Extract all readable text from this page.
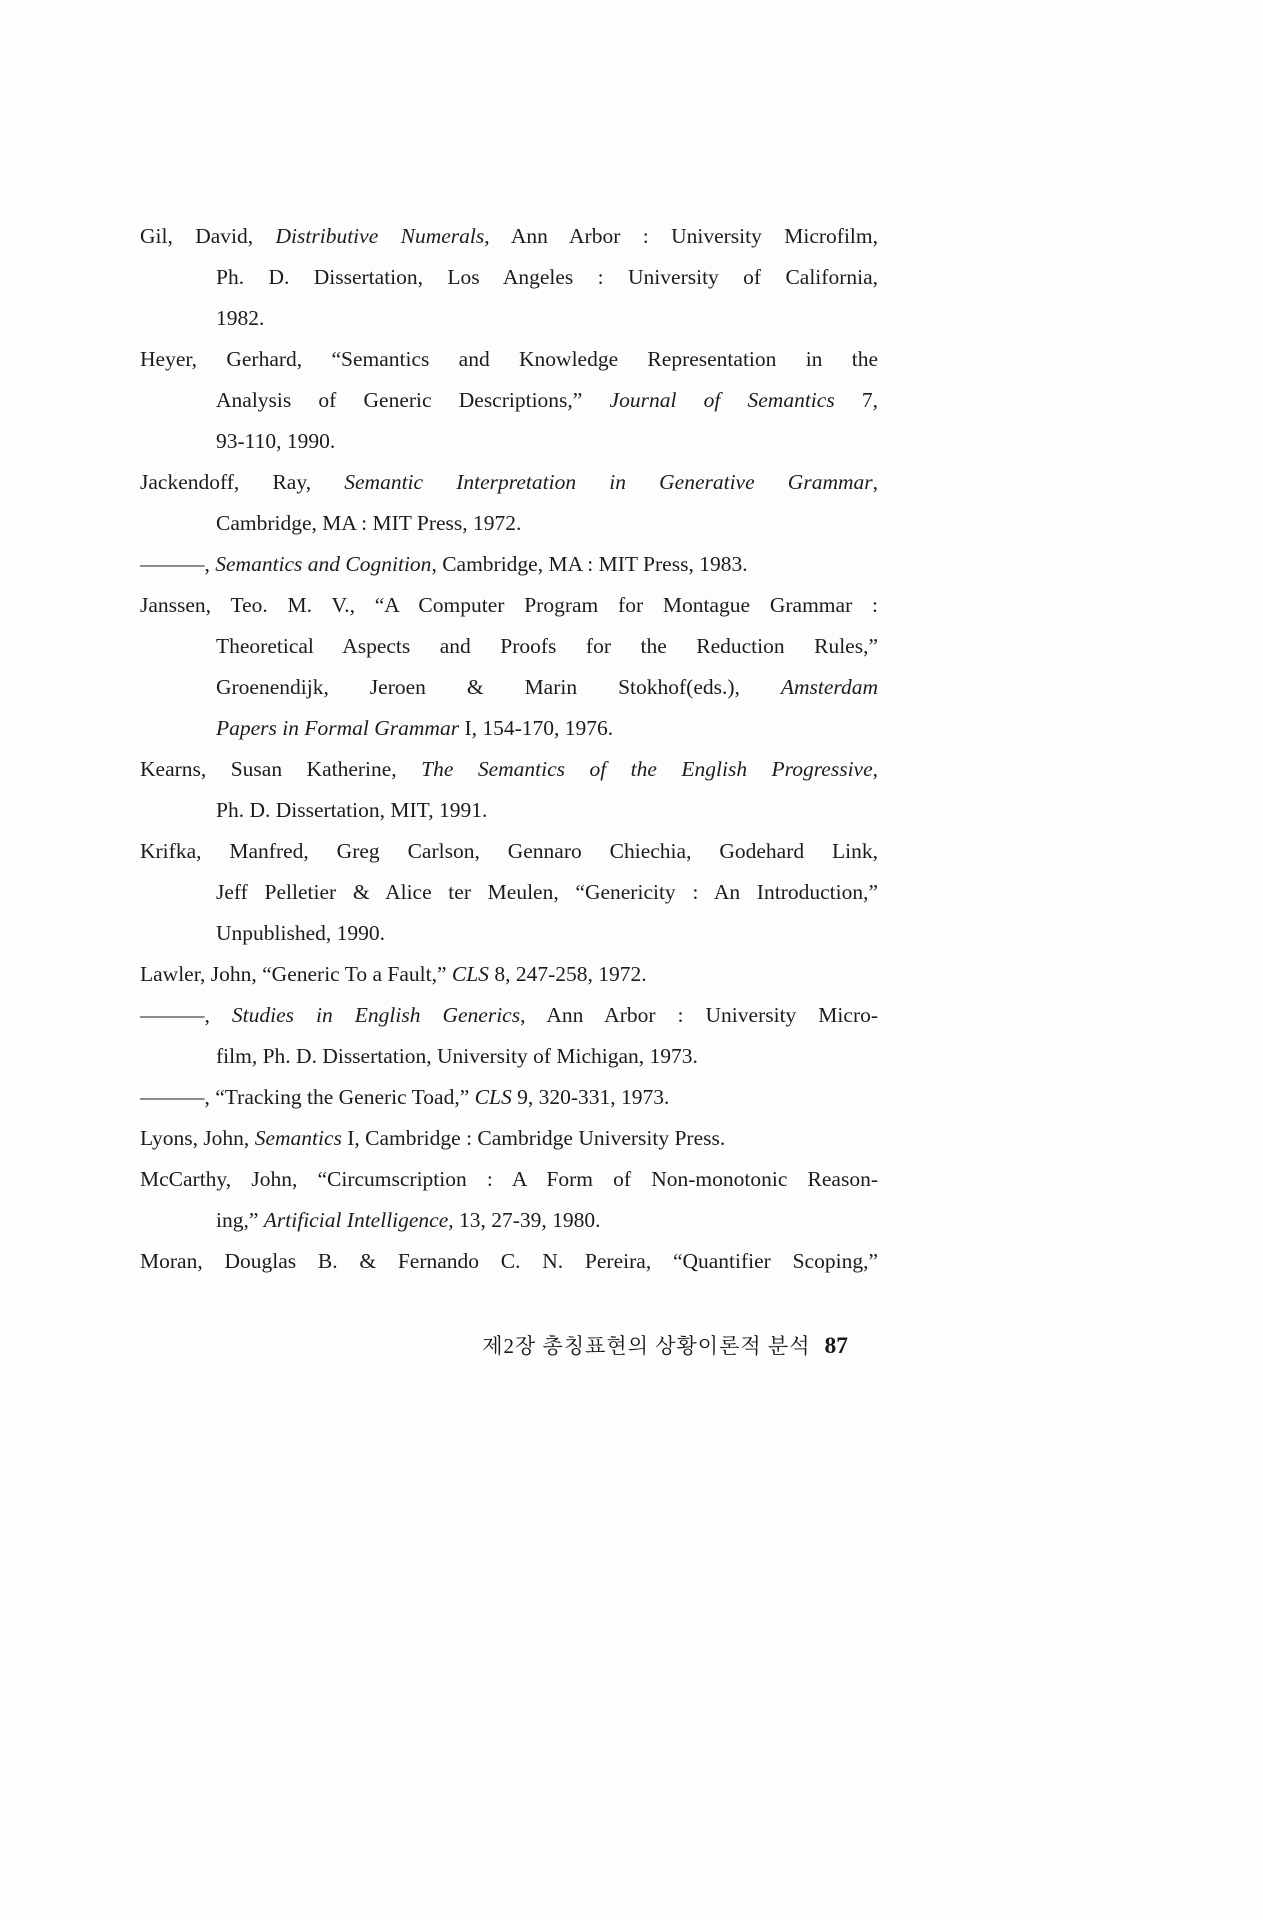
Gil, David, Distributive Numerals, Ann Arbor : University Microfilm,
Ph. D. Dissertation, Los Angeles : University of California,
1982.
Heyer, Gerhard, “Semantics and Knowledge Representation in the
Analysis of Generic Descriptions,” Journal of Semantics 7,
93-110, 1990.
Jackendoff, Ray, Semantic Interpretation in Generative Grammar,
Cambridge, MA : MIT Press, 1972.
———, Semantics and Cognition, Cambridge, MA : MIT Press, 1983.
Janssen, Teo. M. V., “A Computer Program for Montague Grammar :
Theoretical Aspects and Proofs for the Reduction Rules,”
Groenendijk, Jeroen & Marin Stokhof(eds.), Amsterdam
Papers in Formal Grammar I, 154-170, 1976.
Kearns, Susan Katherine, The Semantics of the English Progressive,
Ph. D. Dissertation, MIT, 1991.
Krifka, Manfred, Greg Carlson, Gennaro Chiechia, Godehard Link,
Jeff Pelletier & Alice ter Meulen, “Genericity : An Introduction,”
Unpublished, 1990.
Lawler, John, “Generic To a Fault,” CLS 8, 247-258, 1972.
———, Studies in English Generics, Ann Arbor : University Micro-
film, Ph. D. Dissertation, University of Michigan, 1973.
———, “Tracking the Generic Toad,” CLS 9, 320-331, 1973.
Lyons, John, Semantics I, Cambridge : Cambridge University Press.
McCarthy, John, “Circumscription : A Form of Non-monotonic Reason-
ing,” Artificial Intelligence, 13, 27-39, 1980.
Moran, Douglas B. & Fernando C. N. Pereira, “Quantifier Scoping,”
제2장 총칭표현의 상황이론적 분석 87
